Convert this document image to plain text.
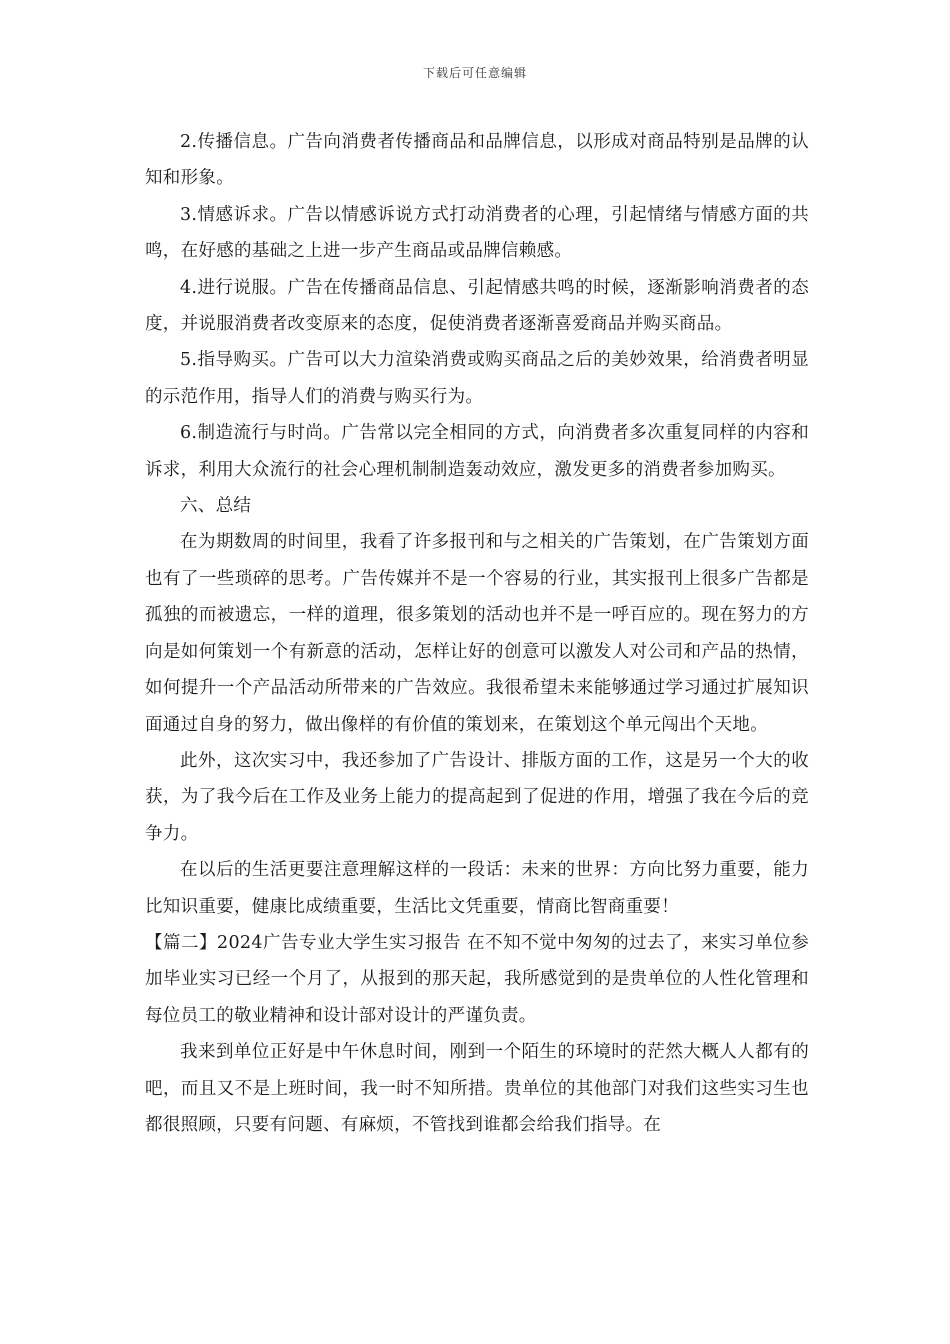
下载后可任意编辑

2.传播信息。广告向消费者传播商品和品牌信息，以形成对商品特别是品牌的认知和形象。

3.情感诉求。广告以情感诉说方式打动消费者的心理，引起情绪与情感方面的共鸣，在好感的基础之上进一步产生商品或品牌信赖感。

4.进行说服。广告在传播商品信息、引起情感共鸣的时候，逐渐影响消费者的态度，并说服消费者改变原来的态度，促使消费者逐渐喜爱商品并购买商品。

5.指导购买。广告可以大力渲染消费或购买商品之后的美妙效果，给消费者明显的示范作用，指导人们的消费与购买行为。

6.制造流行与时尚。广告常以完全相同的方式，向消费者多次重复同样的内容和诉求，利用大众流行的社会心理机制制造轰动效应，激发更多的消费者参加购买。

六、总结

在为期数周的时间里，我看了许多报刊和与之相关的广告策划，在广告策划方面也有了一些琐碎的思考。广告传媒并不是一个容易的行业，其实报刊上很多广告都是孤独的而被遗忘，一样的道理，很多策划的活动也并不是一呼百应的。现在努力的方向是如何策划一个有新意的活动，怎样让好的创意可以激发人对公司和产品的热情，如何提升一个产品活动所带来的广告效应。我很希望未来能够通过学习通过扩展知识面通过自身的努力，做出像样的有价值的策划来，在策划这个单元闯出个天地。

此外，这次实习中，我还参加了广告设计、排版方面的工作，这是另一个大的收获，为了我今后在工作及业务上能力的提高起到了促进的作用，增强了我在今后的竞争力。

在以后的生活更要注意理解这样的一段话：未来的世界：方向比努力重要，能力比知识重要，健康比成绩重要，生活比文凭重要，情商比智商重要！

【篇二】2024广告专业大学生实习报告 在不知不觉中匆匆的过去了，来实习单位参加毕业实习已经一个月了，从报到的那天起，我所感觉到的是贵单位的人性化管理和每位员工的敬业精神和设计部对设计的严谨负责。

我来到单位正好是中午休息时间，刚到一个陌生的环境时的茫然大概人人都有的吧，而且又不是上班时间，我一时不知所措。贵单位的其他部门对我们这些实习生也都很照顾，只要有问题、有麻烦，不管找到谁都会给我们指导。在
